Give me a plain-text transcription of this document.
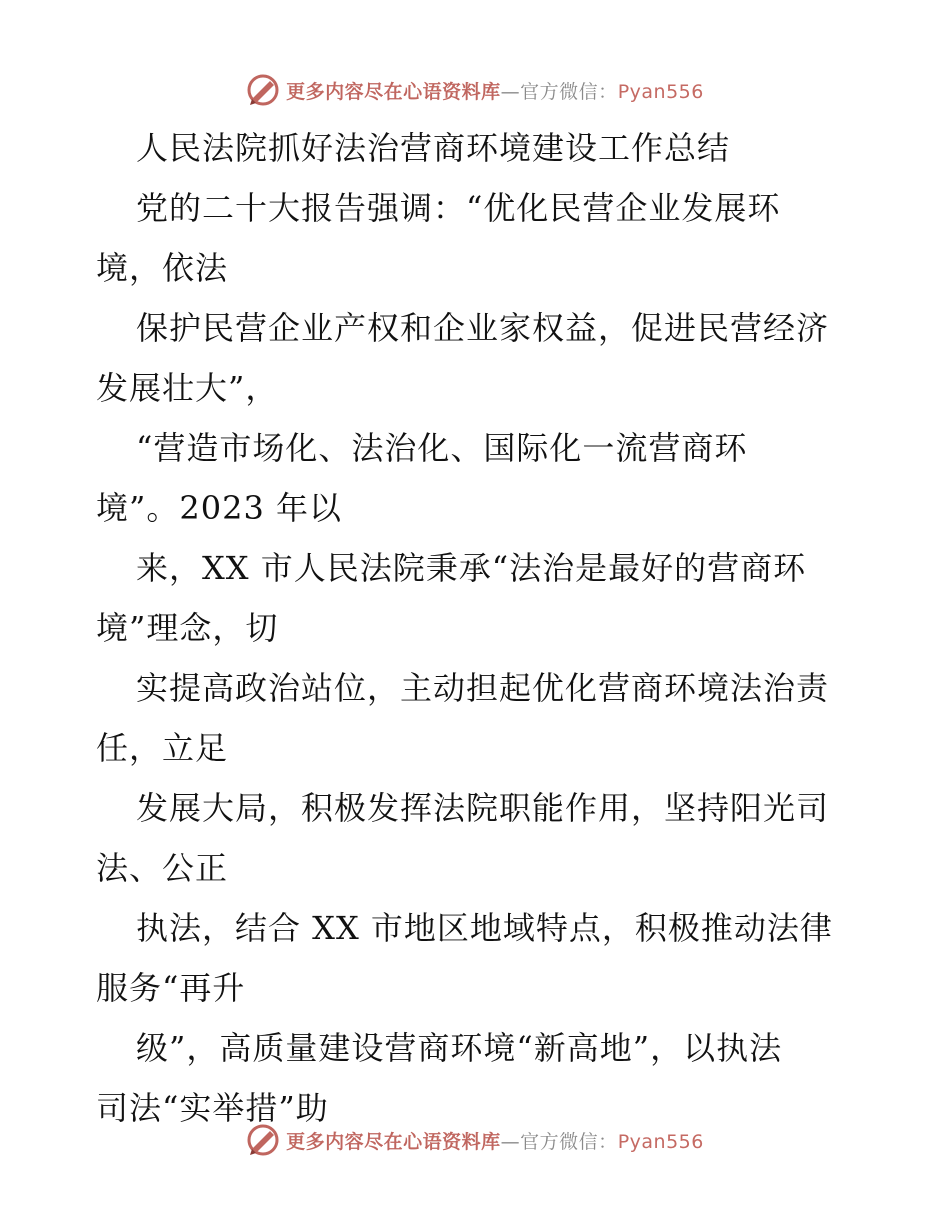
更多内容尽在心语资料库—官方微信：Pyan556
人民法院抓好法治营商环境建设工作总结
党的二十大报告强调：“优化民营企业发展环
境，依法
保护民营企业产权和企业家权益，促进民营经济
发展壮大”，
“营造市场化、法治化、国际化一流营商环
境”。2023 年以
来，XX 市人民法院秉承“法治是最好的营商环
境”理念，切
实提高政治站位，主动担起优化营商环境法治责
任，立足
发展大局，积极发挥法院职能作用，坚持阳光司
法、公正
执法，结合 XX 市地区地域特点，积极推动法律
服务“再升
级”，高质量建设营商环境“新高地”，以执法
司法“实举措”助
更多内容尽在心语资料库—官方微信：Pyan556
